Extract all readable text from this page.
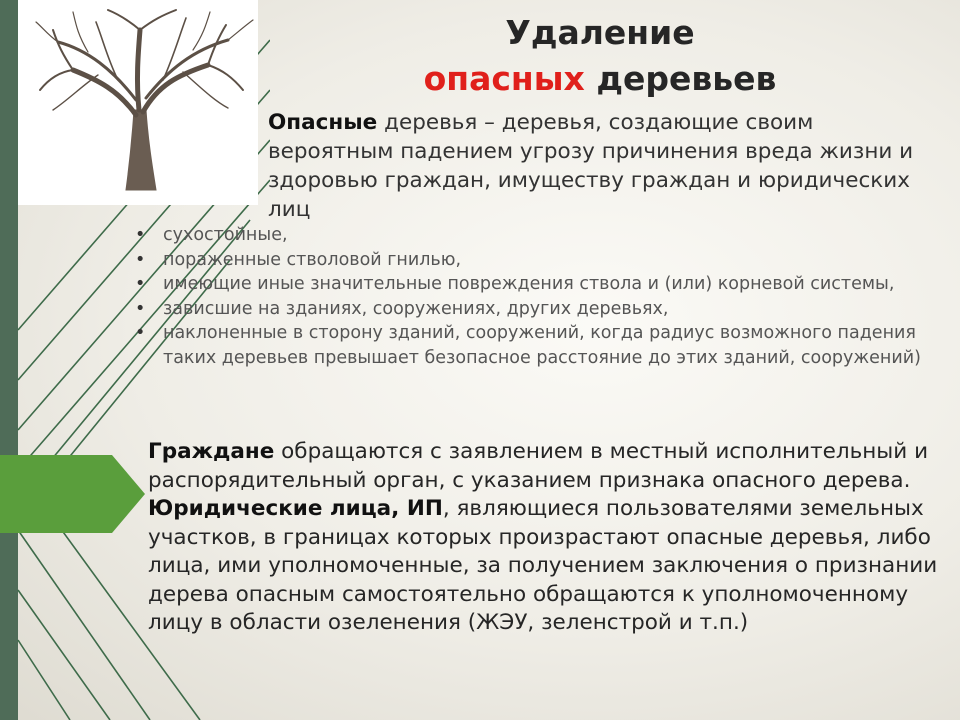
Удаление
опасных деревьев
Опасные деревья – деревья, создающие своим вероятным падением угрозу причинения вреда жизни и здоровью граждан, имуществу граждан и юридических лиц
• сухостойные,
• пораженные стволовой гнилью,
• имеющие иные значительные повреждения ствола и (или) корневой системы,
• зависшие на зданиях, сооружениях, других деревьях,
• наклоненные в сторону зданий, сооружений, когда радиус возможного падения таких деревьев превышает безопасное расстояние до этих зданий, сооружений)

Граждане обращаются с заявлением в местный исполнительный и распорядительный орган, с указанием признака опасного дерева.

Юридические лица, ИП, являющиеся пользователями земельных участков, в границах которых произрастают опасные деревья, либо лица, ими уполномоченные, за получением заключения о признании дерева опасным самостоятельно обращаются к уполномоченному лицу в области озеленения (ЖЭУ, зеленстрой и т.п.)
